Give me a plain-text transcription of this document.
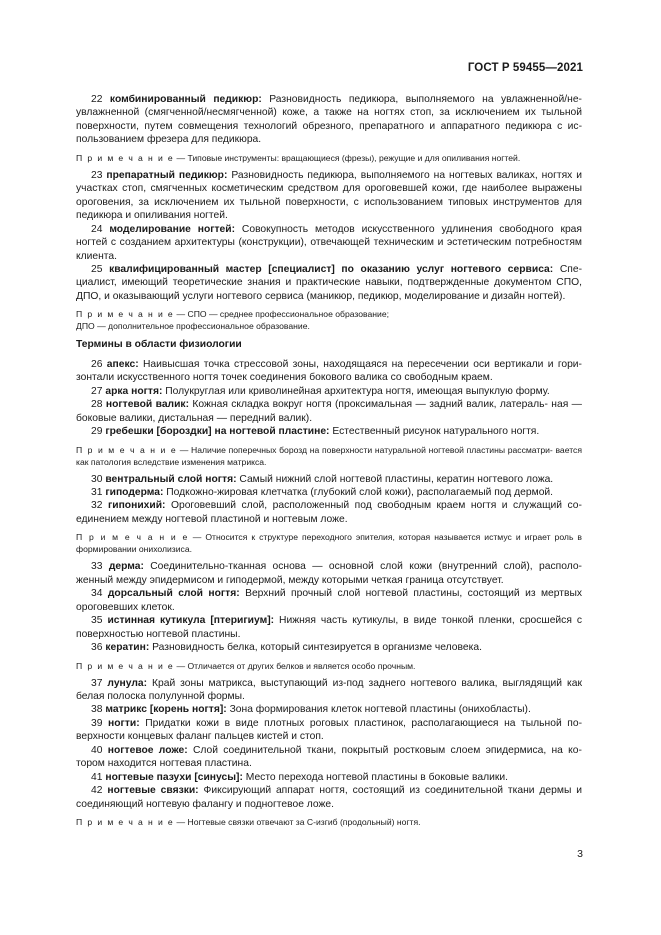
ГОСТ Р 59455—2021

22 комбинированный педикюр: Разновидность педикюра, выполняемого на увлажненной/не- увлажненной (смягченной/несмягченной) коже, а также на ногтях стоп, за исключением их тыльной поверхности, путем совмещения технологий обрезного, препаратного и аппаратного педикюра с ис- пользованием фрезера для педикюра.

П р и м е ч а н и е — Типовые инструменты: вращающиеся (фрезы), режущие и для опиливания ногтей.

23 препаратный педикюр: Разновидность педикюра, выполняемого на ногтевых валиках, ногтях и участках стоп, смягченных косметическим средством для ороговевшей кожи, где наиболее выражены ороговения, за исключением их тыльной поверхности, с использованием типовых инструментов для педикюра и опиливания ногтей.

24 моделирование ногтей: Совокупность методов искусственного удлинения свободного края ногтей с созданием архитектуры (конструкции), отвечающей техническим и эстетическим потребностям клиента.

25 квалифицированный мастер [специалист] по оказанию услуг ногтевого сервиса: Спе- циалист, имеющий теоретические знания и практические навыки, подтвержденные документом СПО, ДПО, и оказывающий услуги ногтевого сервиса (маникюр, педикюр, моделирование и дизайн ногтей).

П р и м е ч а н и е — СПО — среднее профессиональное образование;
ДПО — дополнительное профессиональное образование.

Термины в области физиологии

26 апекс: Наивысшая точка стрессовой зоны, находящаяся на пересечении оси вертикали и гори- зонтали искусственного ногтя точек соединения бокового валика со свободным краем.

27 арка ногтя: Полукруглая или криволинейная архитектура ногтя, имеющая выпуклую форму.

28 ногтевой валик: Кожная складка вокруг ногтя (проксимальная — задний валик, латераль- ная — боковые валики, дистальная — передний валик).

29 гребешки [бороздки] на ногтевой пластине: Естественный рисунок натурального ногтя.

П р и м е ч а н и е — Наличие поперечных борозд на поверхности натуральной ногтевой пластины рассматри- вается как патология вследствие изменения матрикса.

30 вентральный слой ногтя: Самый нижний слой ногтевой пластины, кератин ногтевого ложа.

31 гиподерма: Подкожно-жировая клетчатка (глубокий слой кожи), располагаемый под дермой.

32 гипонихий: Ороговевший слой, расположенный под свободным краем ногтя и служащий со- единением между ногтевой пластиной и ногтевым ложе.

П р и м е ч а н и е — Относится к структуре переходного эпителия, которая называется истмус и играет роль в формировании онихолизиса.

33 дерма: Соединительно-тканная основа — основной слой кожи (внутренний слой), располо- женный между эпидермисом и гиподермой, между которыми четкая граница отсутствует.

34 дорсальный слой ногтя: Верхний прочный слой ногтевой пластины, состоящий из мертвых ороговевших клеток.

35 истинная кутикула [птеригиум]: Нижняя часть кутикулы, в виде тонкой пленки, сросшейся с поверхностью ногтевой пластины.

36 кератин: Разновидность белка, который синтезируется в организме человека.

П р и м е ч а н и е — Отличается от других белков и является особо прочным.

37 лунула: Край зоны матрикса, выступающий из-под заднего ногтевого валика, выглядящий как белая полоска полулунной формы.

38 матрикс [корень ногтя]: Зона формирования клеток ногтевой пластины (онихобласты).

39 ногти: Придатки кожи в виде плотных роговых пластинок, располагающиеся на тыльной по- верхности концевых фаланг пальцев кистей и стоп.

40 ногтевое ложе: Слой соединительной ткани, покрытый ростковым слоем эпидермиса, на ко- тором находится ногтевая пластина.

41 ногтевые пазухи [синусы]: Место перехода ногтевой пластины в боковые валики.

42 ногтевые связки: Фиксирующий аппарат ногтя, состоящий из соединительной ткани дермы и соединяющий ногтевую фалангу и подногтевое ложе.

П р и м е ч а н и е — Ногтевые связки отвечают за С-изгиб (продольный) ногтя.

3
